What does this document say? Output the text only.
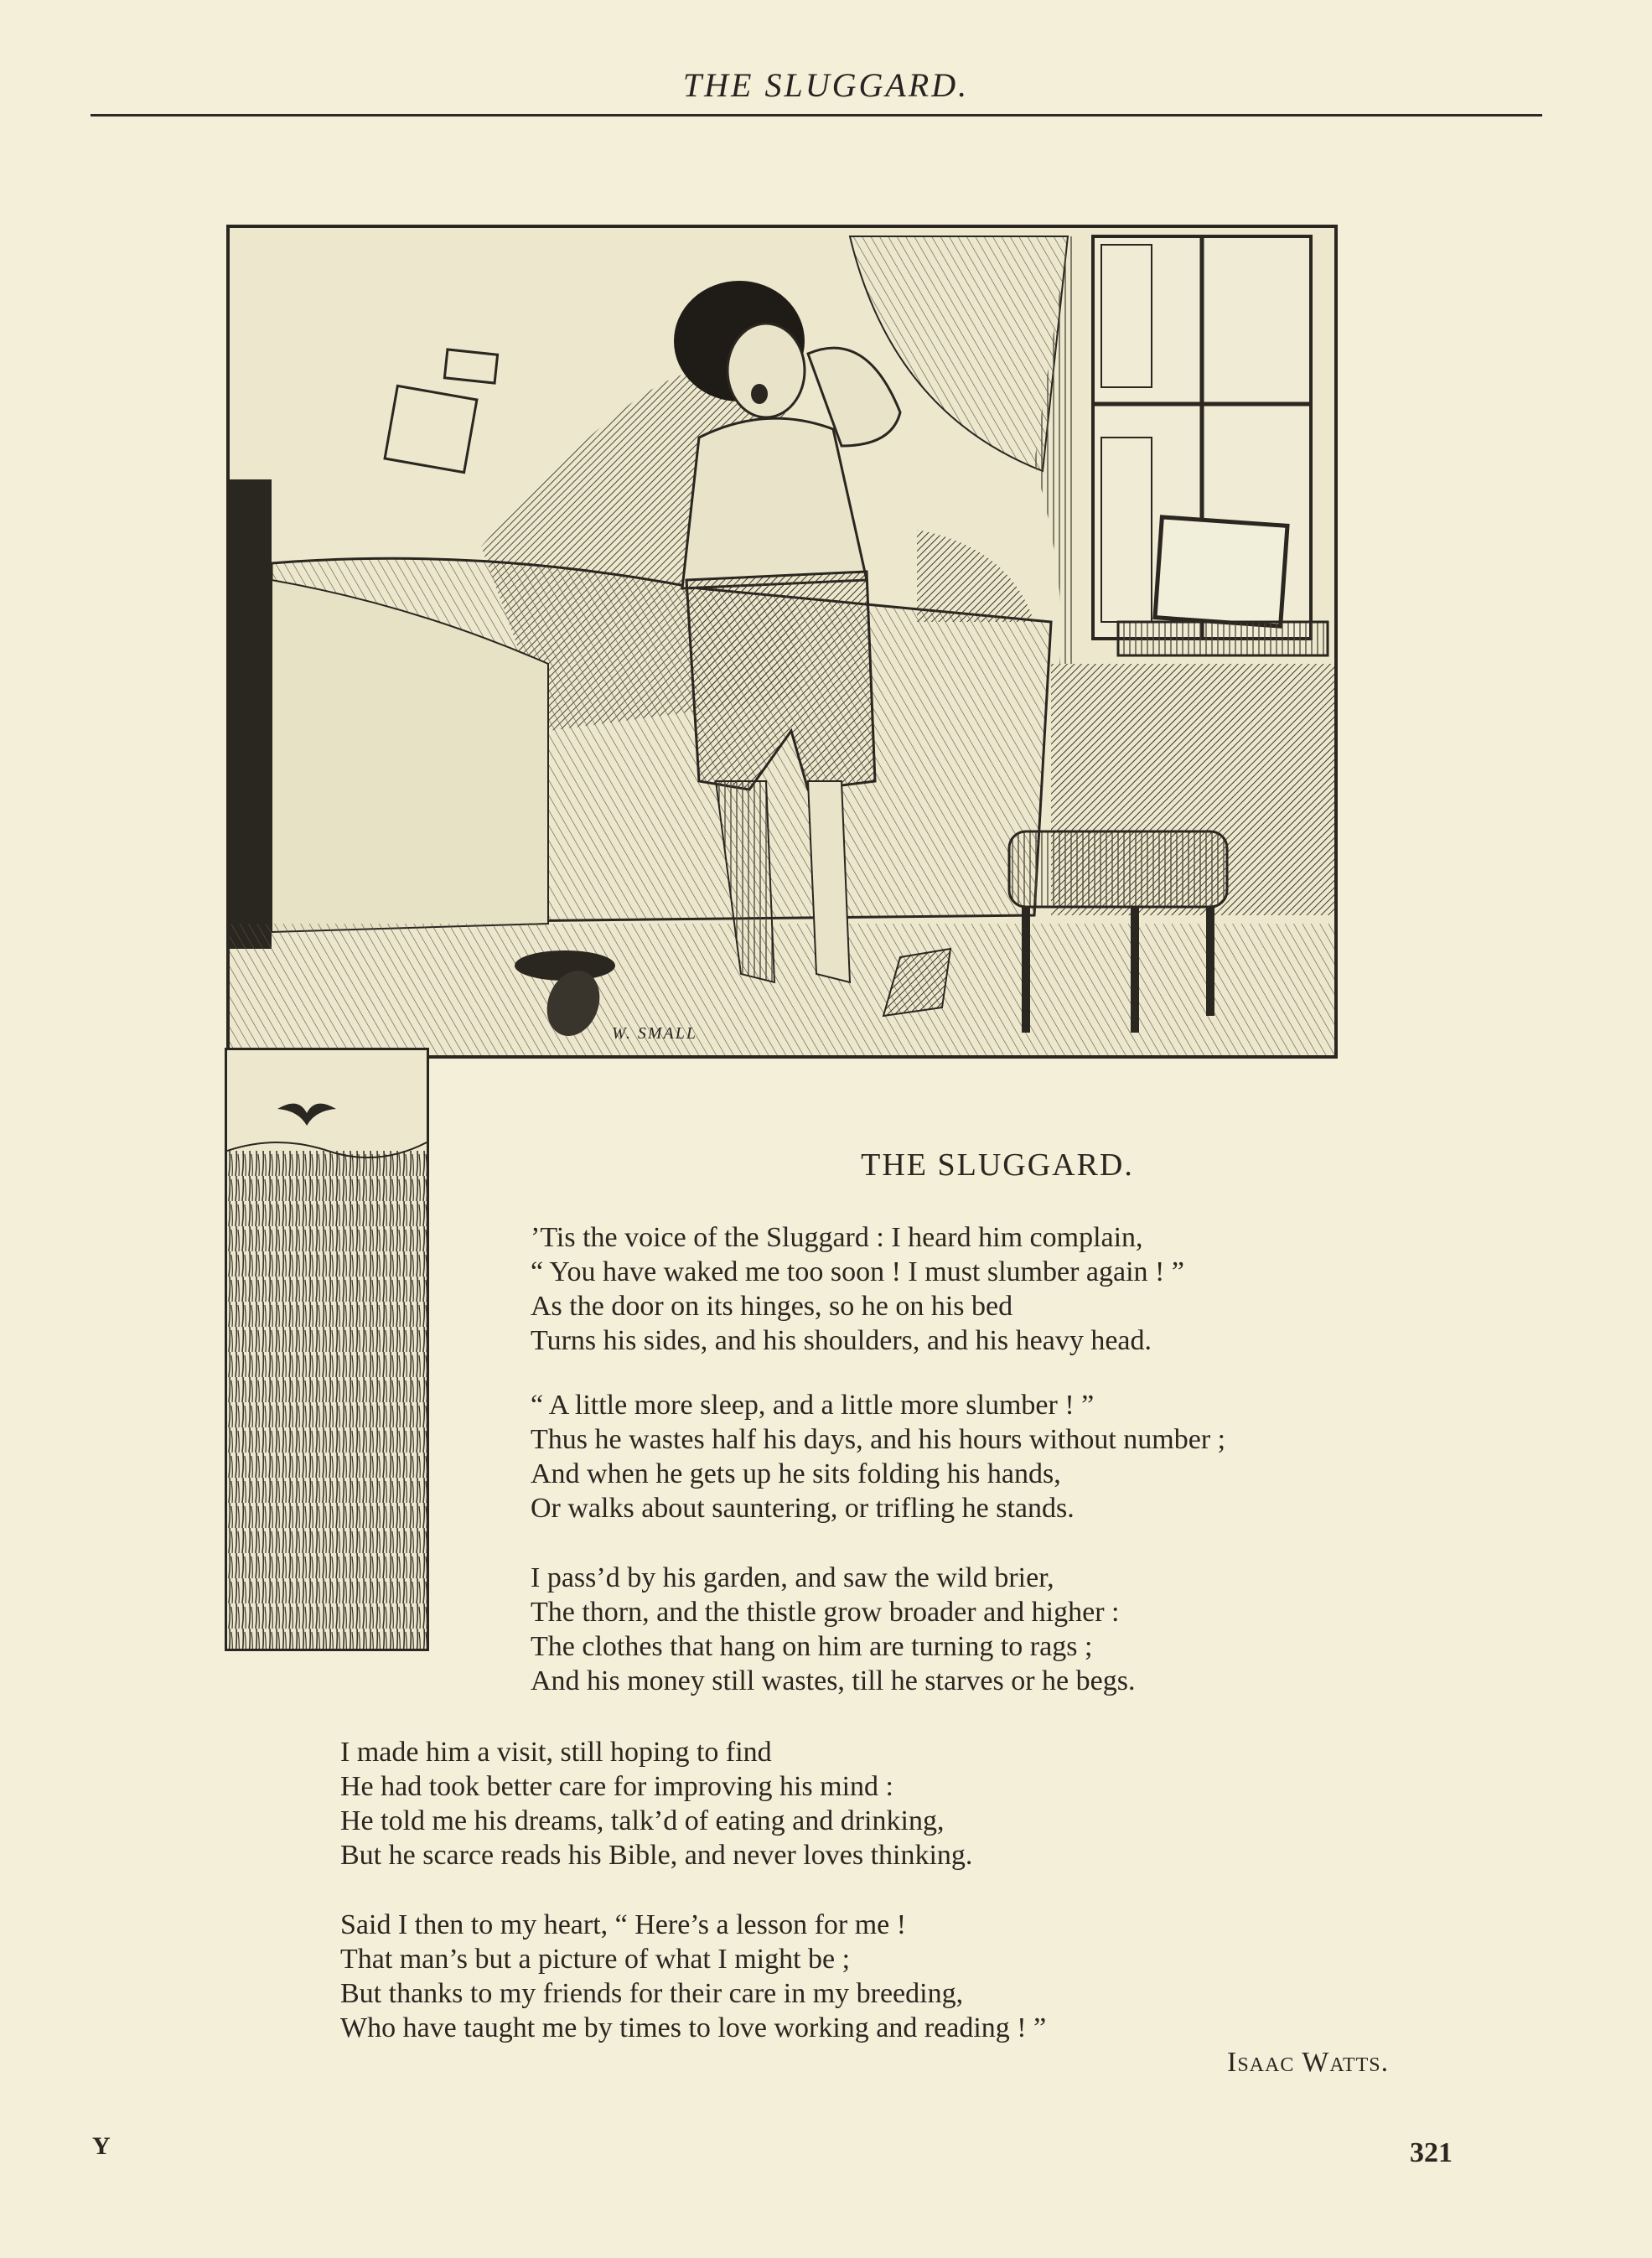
THE SLUGGARD.
W. SMALL
THE SLUGGARD.
’Tis the voice of the Sluggard : I heard him complain,
“ You have waked me too soon ! I must slumber again ! ”
As the door on its hinges, so he on his bed
Turns his sides, and his shoulders, and his heavy head.
“ A little more sleep, and a little more slumber ! ”
Thus he wastes half his days, and his hours without number ;
And when he gets up he sits folding his hands,
Or walks about sauntering, or trifling he stands.
I pass’d by his garden, and saw the wild brier,
The thorn, and the thistle grow broader and higher :
The clothes that hang on him are turning to rags ;
And his money still wastes, till he starves or he begs.
I made him a visit, still hoping to find
He had took better care for improving his mind :
He told me his dreams, talk’d of eating and drinking,
But he scarce reads his Bible, and never loves thinking.
Said I then to my heart, “ Here’s a lesson for me !
That man’s but a picture of what I might be ;
But thanks to my friends for their care in my breeding,
Who have taught me by times to love working and reading ! ”
Isaac Watts.
Y	321
